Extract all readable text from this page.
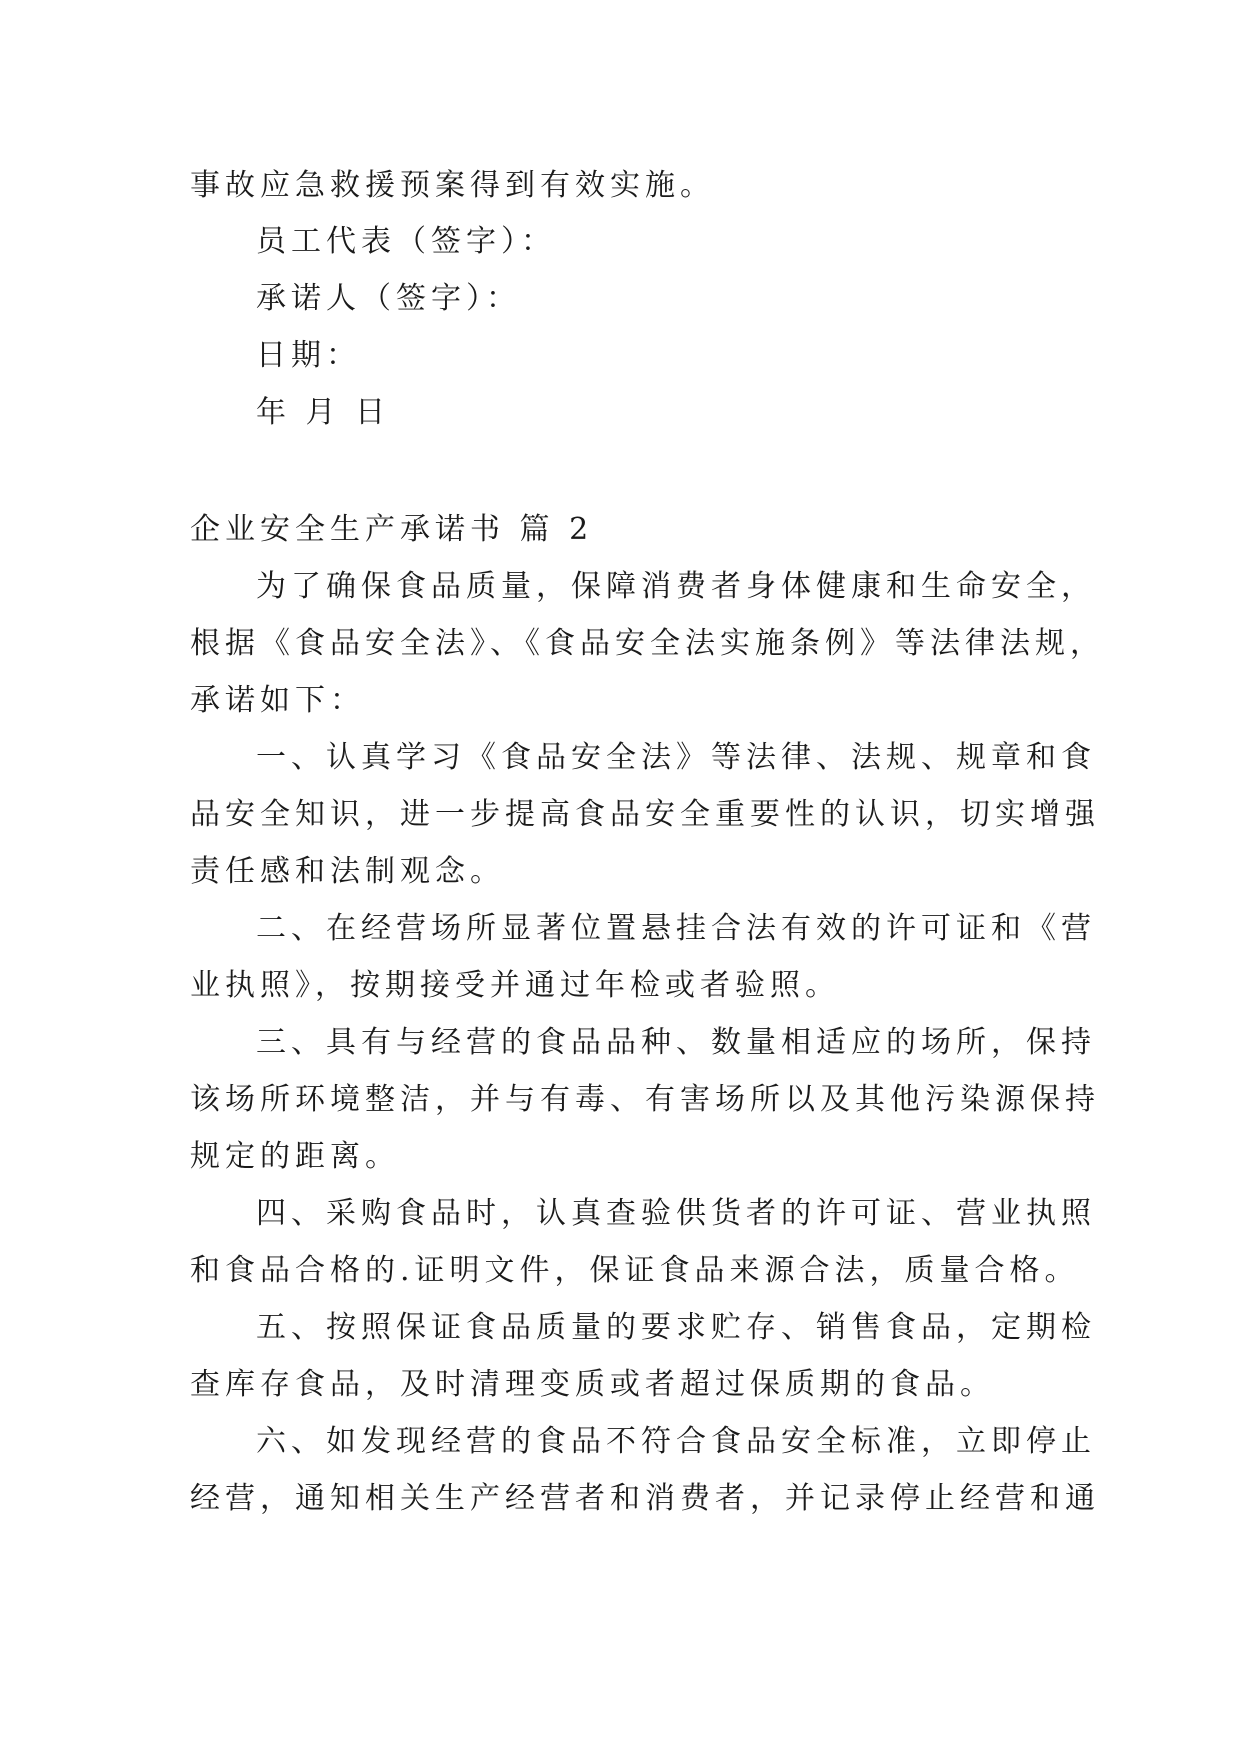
事故应急救援预案得到有效实施。
员工代表（签字）：
承诺人（签字）：
日期：
年 月 日
企业安全生产承诺书 篇 2
为了确保食品质量，保障消费者身体健康和生命安全，
根据《食品安全法》、《食品安全法实施条例》等法律法规，
承诺如下：
一、认真学习《食品安全法》等法律、法规、规章和食
品安全知识，进一步提高食品安全重要性的认识，切实增强
责任感和法制观念。
二、在经营场所显著位置悬挂合法有效的许可证和《营
业执照》，按期接受并通过年检或者验照。
三、具有与经营的食品品种、数量相适应的场所，保持
该场所环境整洁，并与有毒、有害场所以及其他污染源保持
规定的距离。
四、采购食品时，认真查验供货者的许可证、营业执照
和食品合格的.证明文件，保证食品来源合法，质量合格。
五、按照保证食品质量的要求贮存、销售食品，定期检
查库存食品，及时清理变质或者超过保质期的食品。
六、如发现经营的食品不符合食品安全标准，立即停止
经营，通知相关生产经营者和消费者，并记录停止经营和通
